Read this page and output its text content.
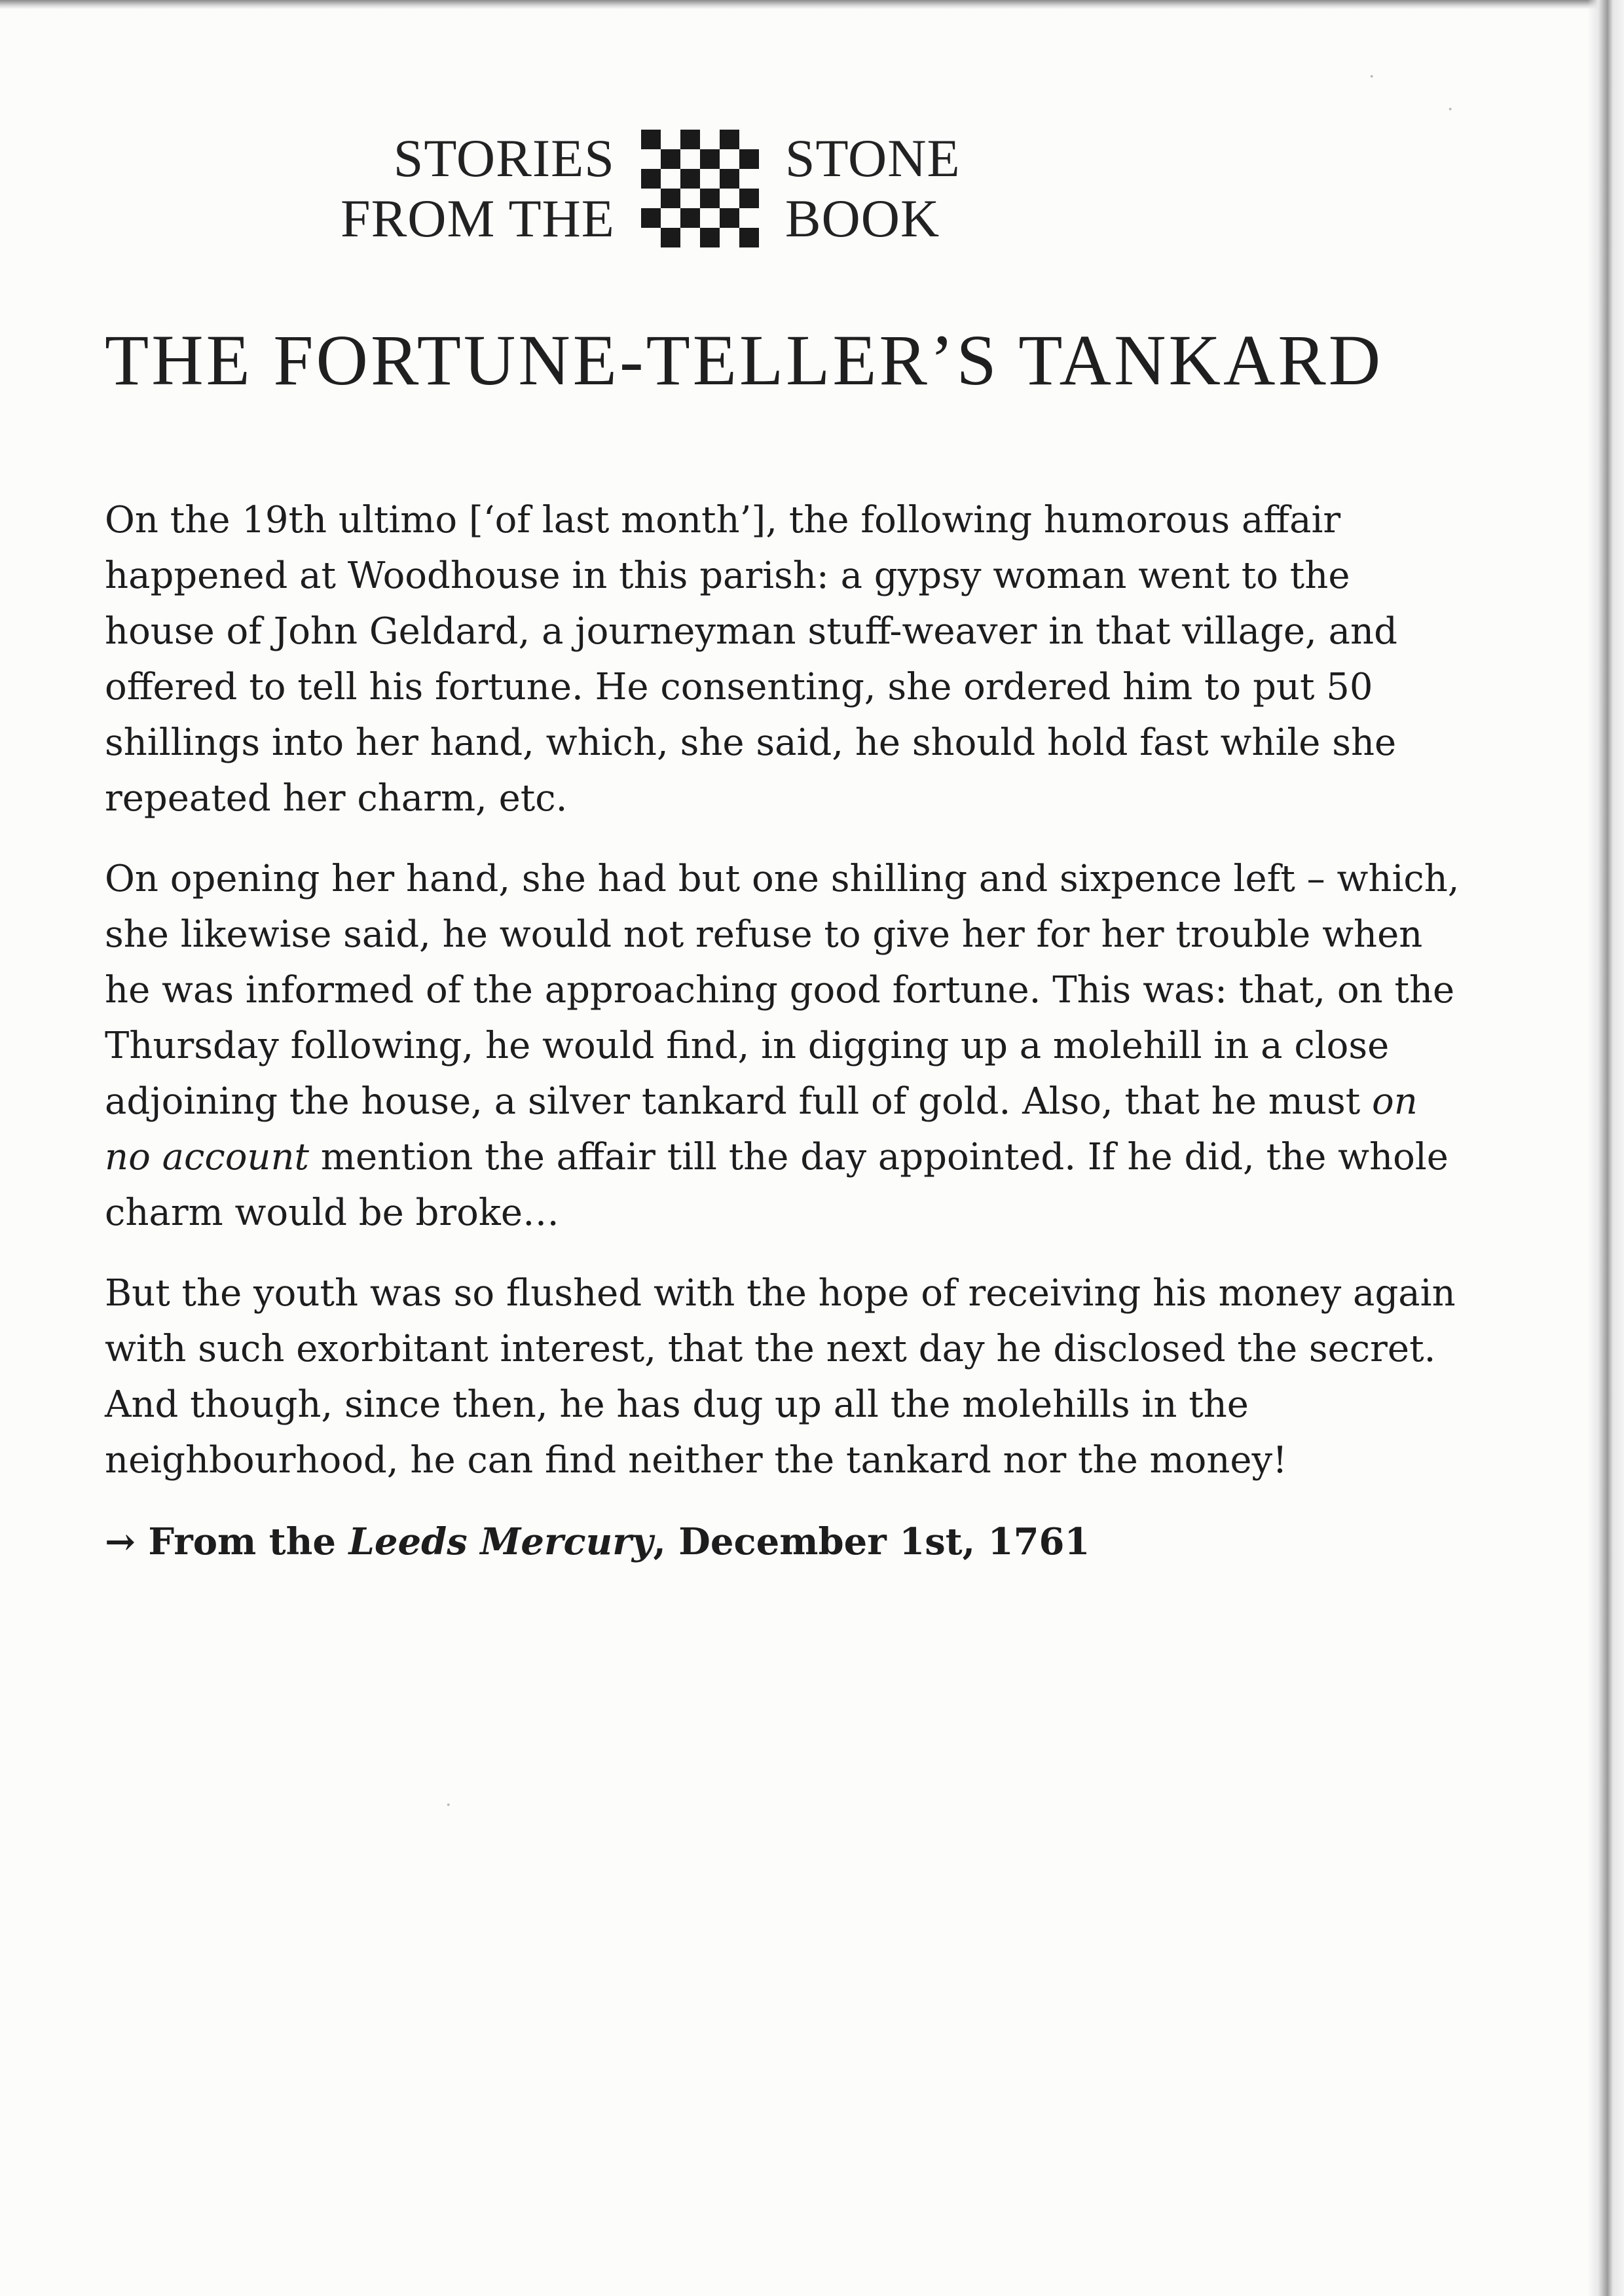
STORIES
FROM THE
STONE
BOOK
THE FORTUNE-TELLER’S TANKARD

On the 19th ultimo [‘of last month’], the following humorous affair happened at Woodhouse in this parish: a gypsy woman went to the house of John Geldard, a journeyman stuff-weaver in that village, and offered to tell his fortune. He consenting, she ordered him to put 50 shillings into her hand, which, she said, he should hold fast while she repeated her charm, etc.

On opening her hand, she had but one shilling and sixpence left – which, she likewise said, he would not refuse to give her for her trouble when he was informed of the approaching good fortune. This was: that, on the Thursday following, he would find, in digging up a molehill in a close adjoining the house, a silver tankard full of gold. Also, that he must on no account mention the affair till the day appointed. If he did, the whole charm would be broke…

But the youth was so flushed with the hope of receiving his money again with such exorbitant interest, that the next day he disclosed the secret. And though, since then, he has dug up all the molehills in the neighbourhood, he can find neither the tankard nor the money!

→ From the Leeds Mercury, December 1st, 1761

·
·
·
